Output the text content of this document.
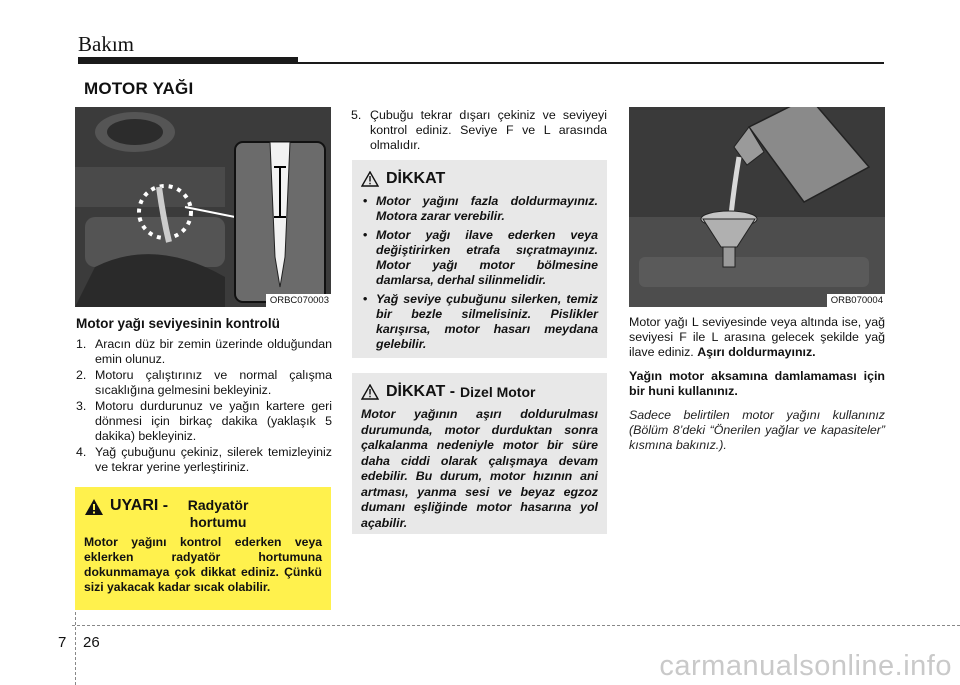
Bakım
MOTOR YAĞI
ORBC070003
Motor yağı seviyesinin kontrolü
1. Aracın düz bir zemin üzerinde olduğundan emin olunuz.
2. Motoru çalıştırınız ve normal çalışma sıcaklığına gelmesini bekleyiniz.
3. Motoru durdurunuz ve yağın kartere geri dönmesi için birkaç dakika (yaklaşık 5 dakika) bekleyiniz.
4. Yağ çubuğunu çekiniz, silerek temizleyiniz ve tekrar yerine yerleştiriniz.
UYARI -	Radyatör hortumu
Motor yağını kontrol ederken veya eklerken radyatör hortumuna dokunmamaya çok dikkat ediniz. Çünkü sizi yakacak kadar sıcak olabilir.
5. Çubuğu tekrar dışarı çekiniz ve seviyeyi kontrol ediniz. Seviye F ve L arasında olmalıdır.
DİKKAT
• Motor yağını fazla doldurmayınız. Motora zarar verebilir.
• Motor yağı ilave ederken veya değiştirirken etrafa sıçratmayınız. Motor yağı motor bölmesine damlarsa, derhal silinmelidir.
• Yağ seviye çubuğunu silerken, temiz bir bezle silmelisiniz. Pislikler karışırsa, motor hasarı meydana gelebilir.
DİKKAT - Dizel Motor
Motor yağının aşırı doldurulması durumunda, motor durduktan sonra çalkalanma nedeniyle motor bir süre daha ciddi olarak çalışmaya devam edebilir. Bu durum, motor hızının ani artması, yanma sesi ve beyaz egzoz dumanı eşliğinde motor hasarına yol açabilir.
ORB070004

Motor yağı L seviyesinde veya altında ise, yağ seviyesi F ile L arasına gelecek şekilde yağ ilave ediniz. Aşırı doldurmayınız.

Yağın motor aksamına damlamaması için bir huni kullanınız.

Sadece belirtilen motor yağını kullanınız (Bölüm 8’deki “Önerilen yağlar ve kapasiteler” kısmına bakınız.).

7 26
carmanualsonline.info
